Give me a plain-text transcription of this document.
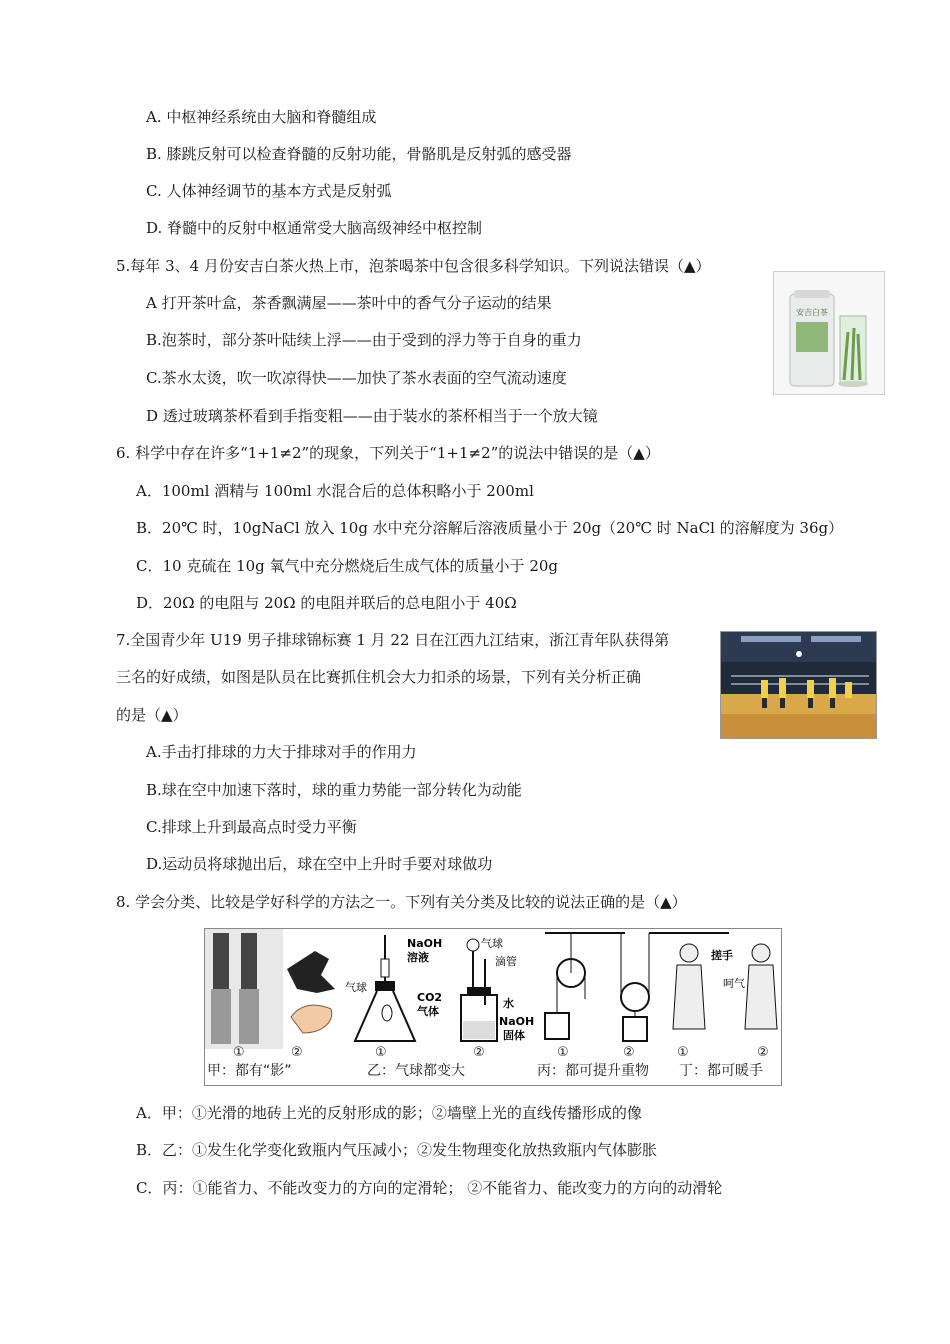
A. 中枢神经系统由大脑和脊髓组成
B. 膝跳反射可以检查脊髓的反射功能，骨骼肌是反射弧的感受器
C. 人体神经调节的基本方式是反射弧
D. 脊髓中的反射中枢通常受大脑高级神经中枢控制
5.每年 3、4 月份安吉白茶火热上市，泡茶喝茶中包含很多科学知识。下列说法错误（▲）
A 打开茶叶盒，茶香飘满屋——茶叶中的香气分子运动的结果
B.泡茶时，部分茶叶陆续上浮——由于受到的浮力等于自身的重力
C.茶水太烫，吹一吹凉得快——加快了茶水表面的空气流动速度
D 透过玻璃茶杯看到手指变粗——由于装水的茶杯相当于一个放大镜
安吉白茶
6. 科学中存在许多“1+1≠2”的现象，下列关于“1+1≠2”的说法中错误的是（▲）
A．100ml 酒精与 100ml 水混合后的总体积略小于 200ml
B．20℃ 时，10gNaCl 放入 10g 水中充分溶解后溶液质量小于 20g（20℃ 时 NaCl 的溶解度为 36g）
C．10 克硫在 10g 氧气中充分燃烧后生成气体的质量小于 20g
D．20Ω 的电阻与 20Ω 的电阻并联后的总电阻小于 40Ω
7.全国青少年 U19 男子排球锦标赛 1 月 22 日在江西九江结束，浙江青年队获得第
三名的好成绩，如图是队员在比赛抓住机会大力扣杀的场景，下列有关分析正确
的是（▲）
A.手击打排球的力大于排球对手的作用力
B.球在空中加速下落时，球的重力势能一部分转化为动能
C.排球上升到最高点时受力平衡
D.运动员将球抛出后，球在空中上升时手要对球做功
8. 学会分类、比较是学好科学的方法之一。下列有关分类及比较的说法正确的是（▲）
NaOH
溶液
气球
CO2
气体
气球
滴管
水
NaOH
固体
搓手
呵气
①	②	①	②	①	②	①	②
甲：都有“影”	乙：气球都变大	丙：都可提升重物 丁：都可暖手
A．甲：①光滑的地砖上光的反射形成的影；②墙壁上光的直线传播形成的像
B．乙：①发生化学变化致瓶内气压减小；②发生物理变化放热致瓶内气体膨胀
C．丙：①能省力、不能改变力的方向的定滑轮； ②不能省力、能改变力的方向的动滑轮
